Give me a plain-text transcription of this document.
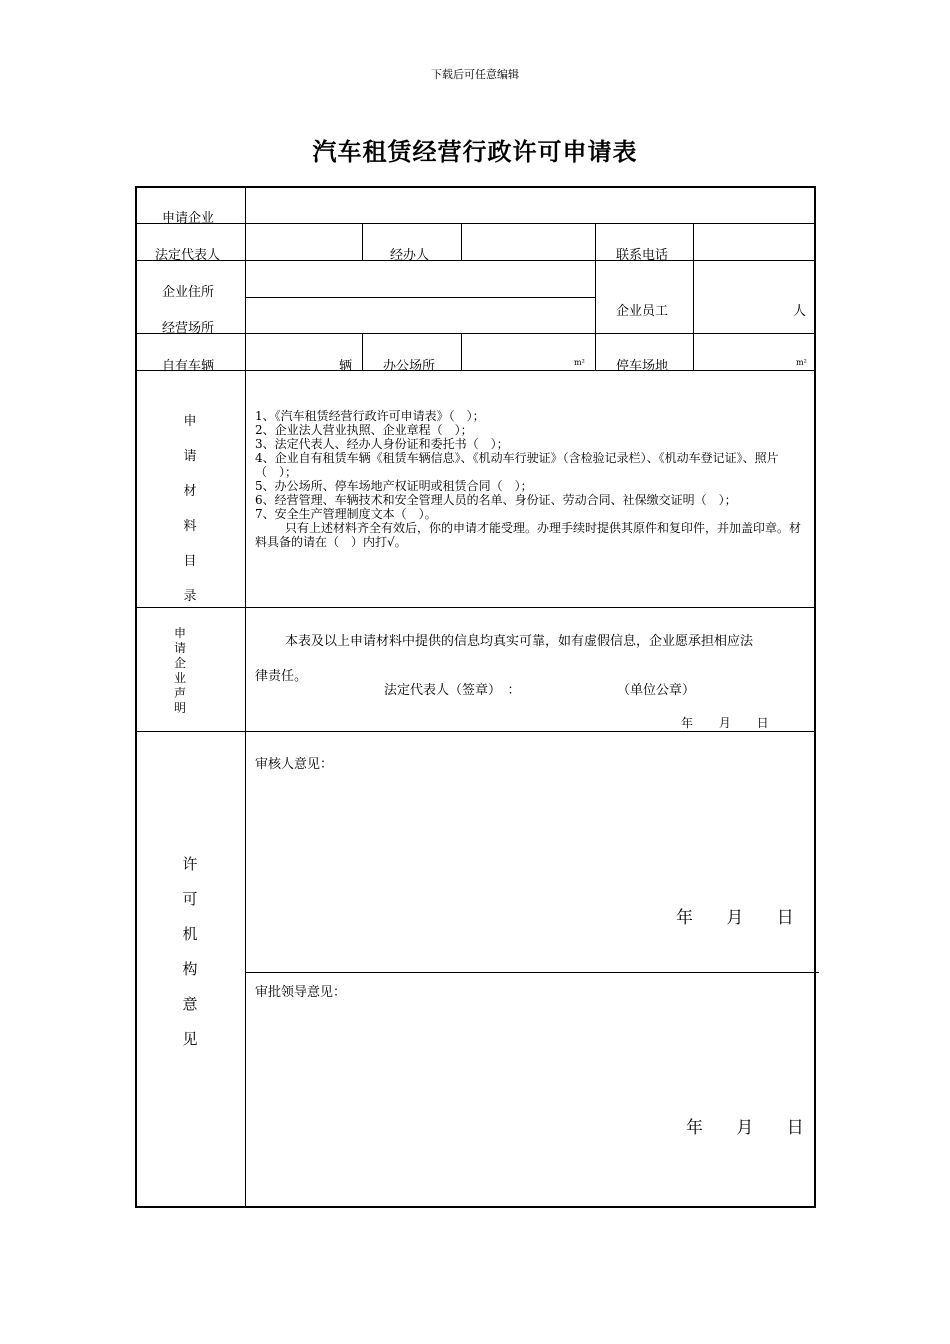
下载后可任意编辑
汽车租赁经营行政许可申请表
申请企业
法定代表人	经办人	联系电话
企业住所
经营场所
企业员工	人
自有车辆	辆 办公场所	m² 停车场地	m²
申
请
材
料
目
录
1、《汽车租赁经营行政许可申请表》（　）；
2、企业法人营业执照、企业章程（　）；
3、法定代表人、经办人身份证和委托书（　）；
4、企业自有租赁车辆《租赁车辆信息》、《机动车行驶证》（含检验记录栏）、《机动车登记证》、照片（　）；
5、办公场所、停车场地产权证明或租赁合同（　）；
6、经营管理、车辆技术和安全管理人员的名单、身份证、劳动合同、社保缴交证明（　）；
7、安全生产管理制度文本（　）。
只有上述材料齐全有效后，你的申请才能受理。办理手续时提供其原件和复印件，并加盖印章。材料具备的请在（　）内打√。
申
请
企
业
声
明
本表及以上申请材料中提供的信息均真实可靠，如有虚假信息，企业愿承担相应法
律责任。
法定代表人（签章）　：	（单位公章）
年 月 日
许
可
机
构
意
见
审核人意见：
年 月 日
审批领导意见：
年 月 日
